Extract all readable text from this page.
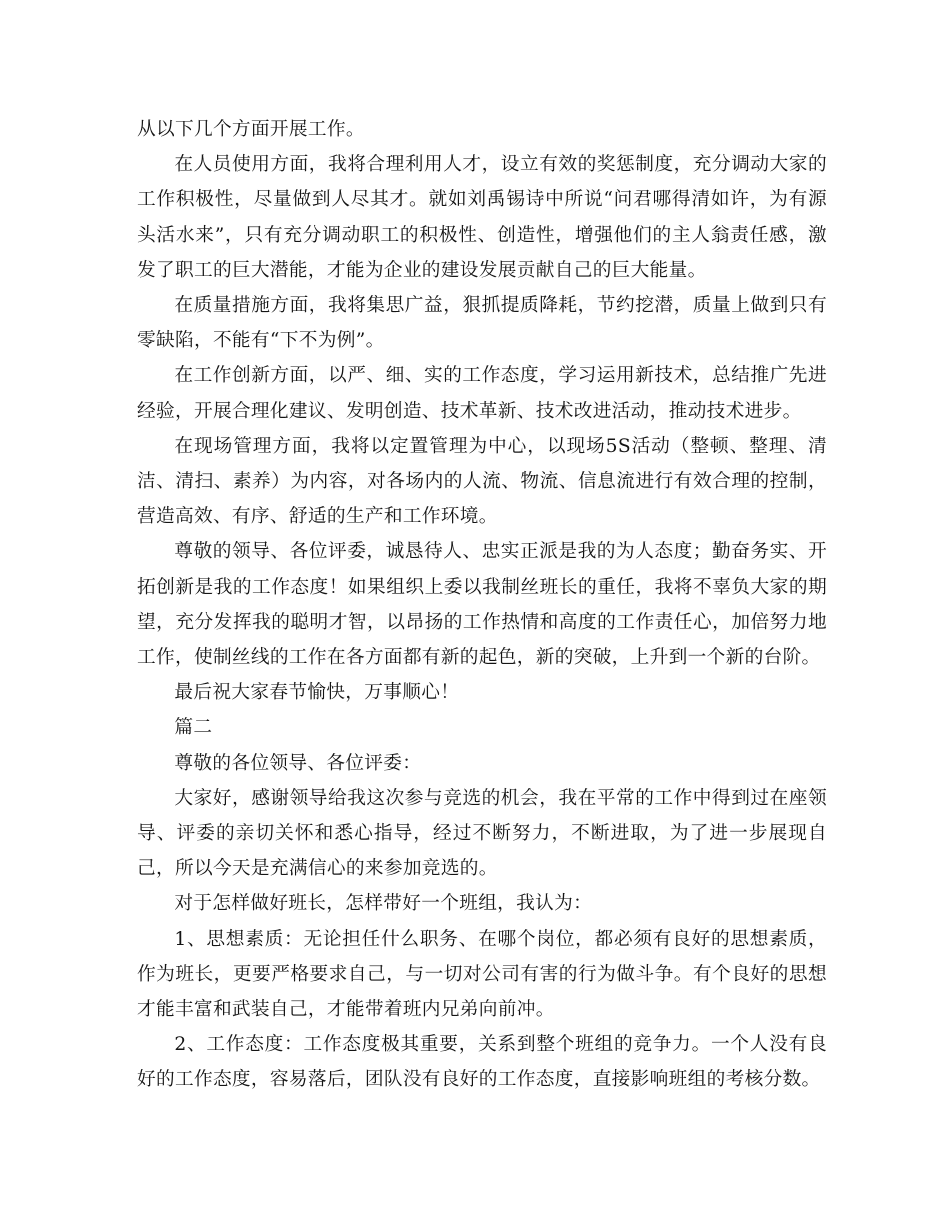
从以下几个方面开展工作。

在人员使用方面，我将合理利用人才，设立有效的奖惩制度，充分调动大家的工作积极性，尽量做到人尽其才。就如刘禹锡诗中所说“问君哪得清如许，为有源头活水来”，只有充分调动职工的积极性、创造性，增强他们的主人翁责任感，激发了职工的巨大潜能，才能为企业的建设发展贡献自己的巨大能量。

在质量措施方面，我将集思广益，狠抓提质降耗，节约挖潜，质量上做到只有零缺陷，不能有“下不为例”。

在工作创新方面，以严、细、实的工作态度，学习运用新技术，总结推广先进经验，开展合理化建议、发明创造、技术革新、技术改进活动，推动技术进步。

在现场管理方面，我将以定置管理为中心，以现场5S活动（整顿、整理、清洁、清扫、素养）为内容，对各场内的人流、物流、信息流进行有效合理的控制，营造高效、有序、舒适的生产和工作环境。

尊敬的领导、各位评委，诚恳待人、忠实正派是我的为人态度；勤奋务实、开拓创新是我的工作态度！如果组织上委以我制丝班长的重任，我将不辜负大家的期望，充分发挥我的聪明才智，以昂扬的工作热情和高度的工作责任心，加倍努力地工作，使制丝线的工作在各方面都有新的起色，新的突破，上升到一个新的台阶。

最后祝大家春节愉快，万事顺心！

篇二

尊敬的各位领导、各位评委：

大家好，感谢领导给我这次参与竞选的机会，我在平常的工作中得到过在座领导、评委的亲切关怀和悉心指导，经过不断努力，不断进取，为了进一步展现自己，所以今天是充满信心的来参加竞选的。

对于怎样做好班长，怎样带好一个班组，我认为：

1、思想素质：无论担任什么职务、在哪个岗位，都必须有良好的思想素质，作为班长，更要严格要求自己，与一切对公司有害的行为做斗争。有个良好的思想才能丰富和武装自己，才能带着班内兄弟向前冲。

2、工作态度：工作态度极其重要，关系到整个班组的竞争力。一个人没有良好的工作态度，容易落后，团队没有良好的工作态度，直接影响班组的考核分数。
